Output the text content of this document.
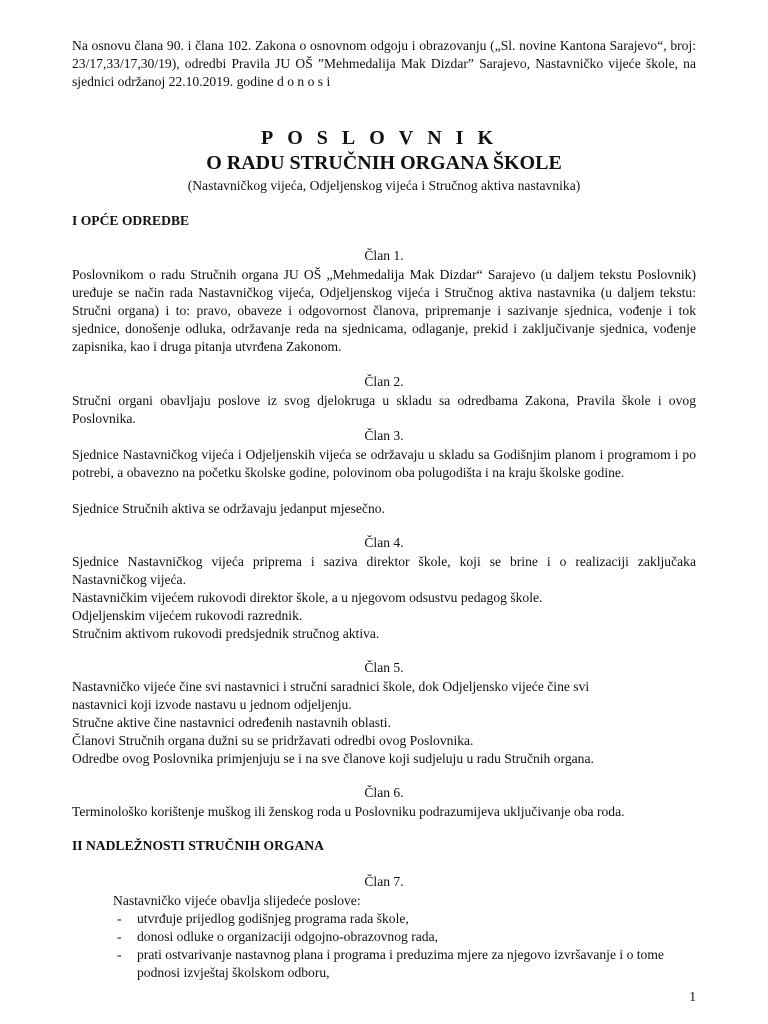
Na osnovu člana 90. i člana 102. Zakona o osnovnom odgoju i obrazovanju („Sl. novine Kantona Sarajevo“, broj: 23/17,33/17,30/19), odredbi Pravila JU OŠ ”Mehmedalija Mak Dizdar” Sarajevo, Nastavničko vijeće škole, na sjednici održanoj 22.10.2019. godine d o n o s i
POSLOVNIK
O RADU STRUČNIH ORGANA ŠKOLE
(Nastavničkog vijeća, Odjeljenskog vijeća i Stručnog aktiva nastavnika)
I OPĆE ODREDBE
Član 1.
Poslovnikom o radu Stručnih organa JU OŠ „Mehmedalija Mak Dizdar“ Sarajevo (u daljem tekstu Poslovnik) uređuje se način rada Nastavničkog vijeća, Odjeljenskog vijeća i Stručnog aktiva nastavnika (u daljem tekstu: Stručni organa) i to: pravo, obaveze i odgovornost članova, pripremanje i sazivanje sjednica, vođenje i tok sjednice, donošenje odluka, održavanje reda na sjednicama, odlaganje, prekid i zaključivanje sjednica, vođenje zapisnika, kao i druga pitanja utvrđena Zakonom.
Član 2.
Stručni organi obavljaju poslove iz svog djelokruga u skladu sa odredbama Zakona, Pravila škole i ovog Poslovnika.
Član 3.
Sjednice Nastavničkog vijeća i Odjeljenskih vijeća se održavaju u skladu sa Godišnjim planom i programom i po potrebi, a obavezno na početku školske godine, polovinom oba polugodišta i na kraju školske godine.
Sjednice Stručnih aktiva se održavaju jedanput mjesečno.
Član 4.
Sjednice Nastavničkog vijeća priprema i saziva direktor škole, koji se brine i o realizaciji zaključaka Nastavničkog vijeća.
Nastavničkim vijećem rukovodi direktor škole, a u njegovom odsustvu pedagog škole.
Odjeljenskim vijećem rukovodi razrednik.
Stručnim aktivom rukovodi predsjednik stručnog aktiva.
Član 5.
Nastavničko vijeće čine svi nastavnici i stručni saradnici škole, dok Odjeljensko vijeće čine svi
nastavnici koji izvode nastavu u jednom odjeljenju.
Stručne aktive čine nastavnici određenih nastavnih oblasti.
Članovi Stručnih organa dužni su se pridržavati odredbi ovog Poslovnika.
Odredbe ovog Poslovnika primjenjuju se i na sve članove koji sudjeluju u radu Stručnih organa.
Član 6.
Terminološko korištenje muškog ili ženskog roda u Poslovniku podrazumijeva uključivanje oba roda.
II NADLEŽNOSTI STRUČNIH ORGANA
Član 7.
Nastavničko vijeće obavlja slijedeće poslove:
- utvrđuje prijedlog godišnjeg programa rada škole,
- donosi odluke o organizaciji odgojno-obrazovnog rada,
- prati ostvarivanje nastavnog plana i programa i preduzima mjere za njegovo izvršavanje i o tome podnosi izvještaj školskom odboru,
1
